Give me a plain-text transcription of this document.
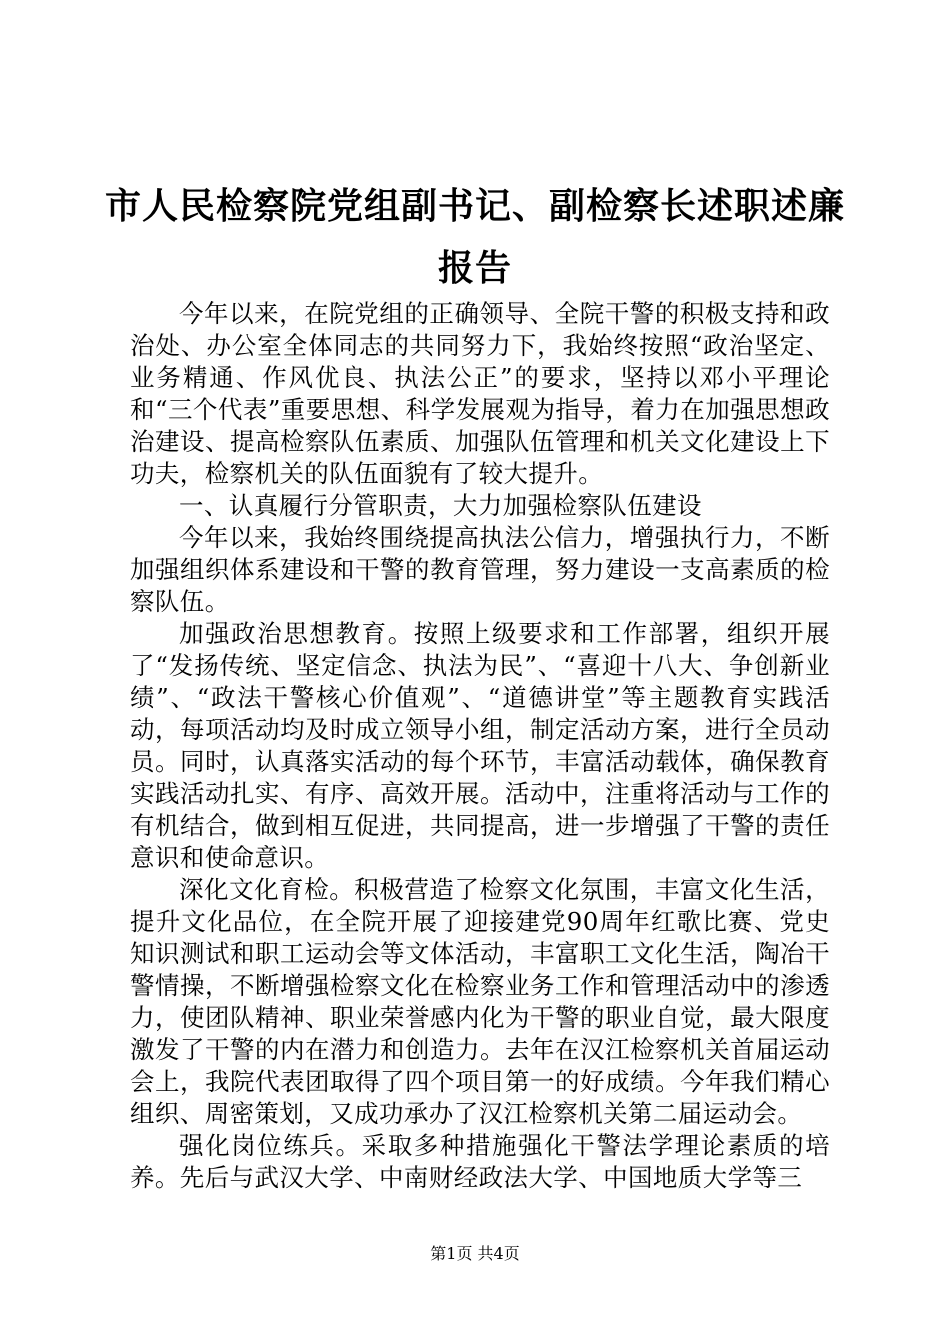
市人民检察院党组副书记、副检察长述职述廉
报告

今年以来，在院党组的正确领导、全院干警的积极支持和政治处、办公室全体同志的共同努力下，我始终按照“政治坚定、业务精通、作风优良、执法公正”的要求，坚持以邓小平理论和“三个代表”重要思想、科学发展观为指导，着力在加强思想政治建设、提高检察队伍素质、加强队伍管理和机关文化建设上下功夫，检察机关的队伍面貌有了较大提升。

一、认真履行分管职责，大力加强检察队伍建设

今年以来，我始终围绕提高执法公信力，增强执行力，不断加强组织体系建设和干警的教育管理，努力建设一支高素质的检察队伍。

加强政治思想教育。按照上级要求和工作部署，组织开展了“发扬传统、坚定信念、执法为民”、“喜迎十八大、争创新业绩”、“政法干警核心价值观”、“道德讲堂”等主题教育实践活动，每项活动均及时成立领导小组，制定活动方案，进行全员动员。同时，认真落实活动的每个环节，丰富活动载体，确保教育实践活动扎实、有序、高效开展。活动中，注重将活动与工作的有机结合，做到相互促进，共同提高，进一步增强了干警的责任意识和使命意识。

深化文化育检。积极营造了检察文化氛围，丰富文化生活，提升文化品位，在全院开展了迎接建党90周年红歌比赛、党史知识测试和职工运动会等文体活动，丰富职工文化生活，陶冶干警情操，不断增强检察文化在检察业务工作和管理活动中的渗透力，使团队精神、职业荣誉感内化为干警的职业自觉，最大限度激发了干警的内在潜力和创造力。去年在汉江检察机关首届运动会上，我院代表团取得了四个项目第一的好成绩。今年我们精心组织、周密策划，又成功承办了汉江检察机关第二届运动会。

强化岗位练兵。采取多种措施强化干警法学理论素质的培养。先后与武汉大学、中南财经政法大学、中国地质大学等三

第1页 共4页
